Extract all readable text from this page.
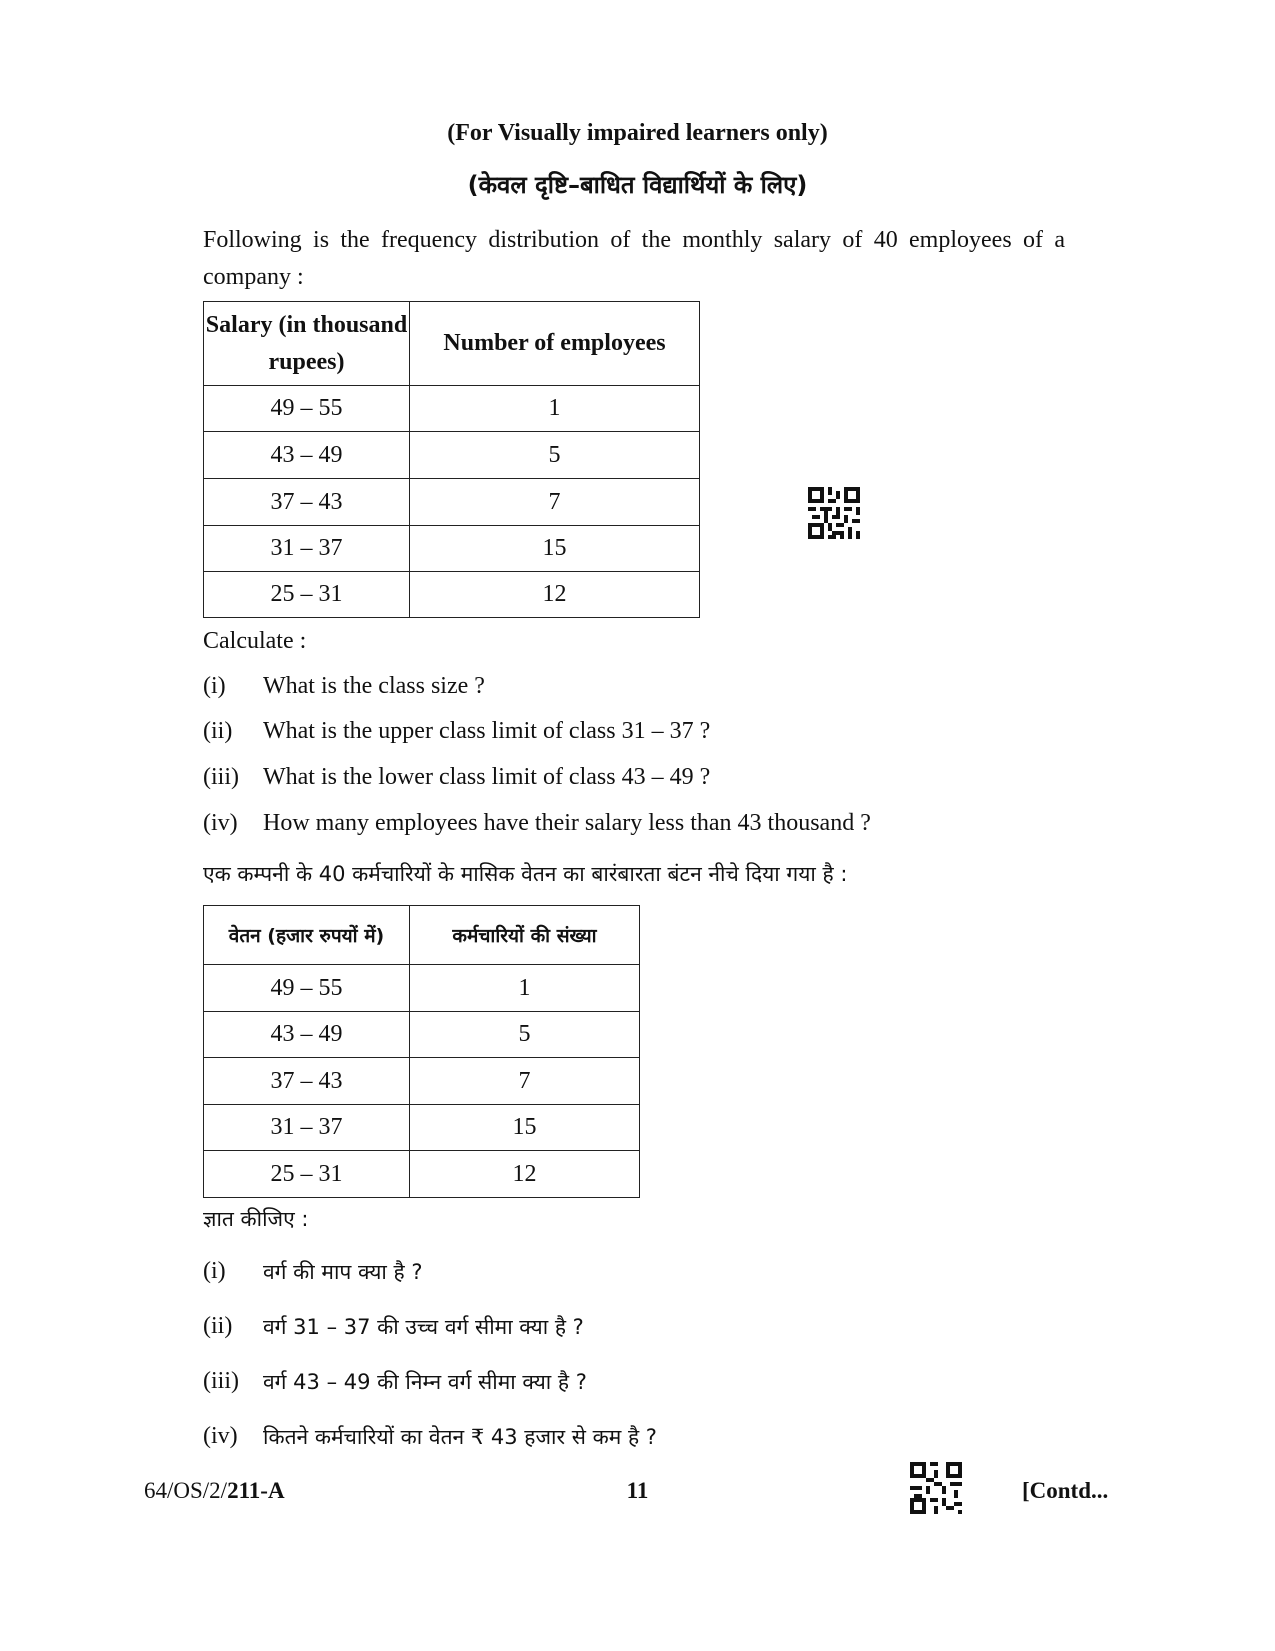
(For Visually impaired learners only)
(केवल दृष्टि–बाधित विद्यार्थियों के लिए)
Following is the frequency distribution of the monthly salary of 40 employees of a company :
Salary (in thousand rupees)	Number of employees
49 – 55	1
43 – 49	5
37 – 43	7
31 – 37	15
25 – 31	12
Calculate :
(i) What is the class size ?
(ii) What is the upper class limit of class 31 – 37 ?
(iii) What is the lower class limit of class 43 – 49 ?
(iv) How many employees have their salary less than 43 thousand ?
एक कम्पनी के 40 कर्मचारियों के मासिक वेतन का बारंबारता बंटन नीचे दिया गया है :
वेतन (हजार रुपयों में)	कर्मचारियों की संख्या
49 – 55	1
43 – 49	5
37 – 43	7
31 – 37	15
25 – 31	12
ज्ञात कीजिए :
(i) वर्ग की माप क्या है ?
(ii) वर्ग 31 – 37 की उच्च वर्ग सीमा क्या है ?
(iii) वर्ग 43 – 49 की निम्न वर्ग सीमा क्या है ?
(iv) कितने कर्मचारियों का वेतन ₹ 43 हजार से कम है ?
64/OS/2/211-A	11	[Contd...
